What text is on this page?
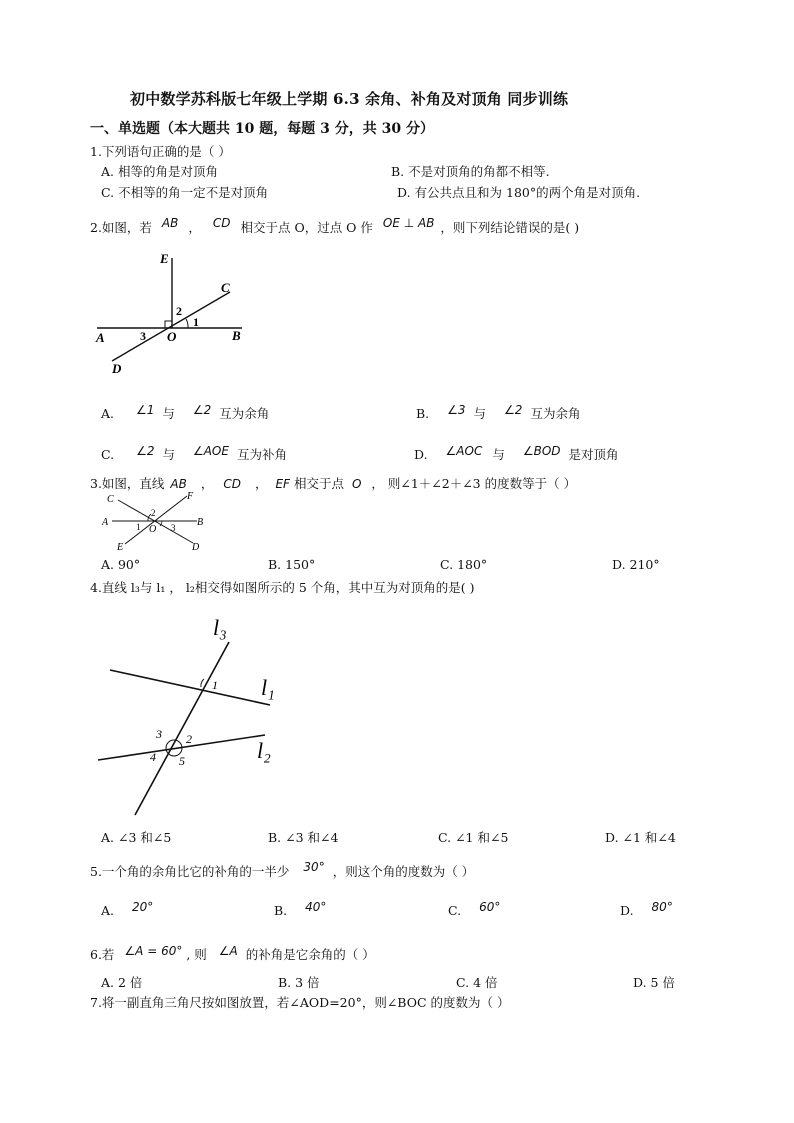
初中数学苏科版七年级上学期 6.3 余角、补角及对顶角 同步训练
一、单选题（本大题共 10 题，每题 3 分，共 30 分）
1.下列语句正确的是（ ）
A. 相等的角是对顶角	B. 不是对顶角的角都不相等.
C. 不相等的角一定不是对顶角	D. 有公共点且和为 180°的两个角是对顶角.
2.如图，若 AB ， CD 相交于点 O，过点 O 作 OE ⊥ AB ，则下列结论错误的是( )
E
C
A	B
O
D
1
2
3
A. ∠1 与 ∠2 互为余角	B. ∠3 与 ∠2 互为余角
C. ∠2 与 ∠AOE 互为补角	D. ∠AOC 与 ∠BOD 是对顶角
3.如图，直线 AB ， CD ， EF 相交于点 O ， 则∠1＋∠2＋∠3 的度数等于（ ）
C	F
A	B
E	D
O
1
2
3
A. 90°	B. 150°	C. 180°	D. 210°
4.直线 l₃与 l₁ ， l₂相交得如图所示的 5 个角，其中互为对顶角的是( )
l₃
l₁
l₂
1
2
3
4 5
A. ∠3 和∠5	B. ∠3 和∠4	C. ∠1 和∠5	D. ∠1 和∠4
5.一个角的余角比它的补角的一半少 30° ，则这个角的度数为（ ）
A. 20°	B. 40°	C. 60°	D. 80°
6.若 ∠A = 60° , 则 ∠A 的补角是它余角的（ ）
A. 2 倍	B. 3 倍	C. 4 倍	D. 5 倍
7.将一副直角三角尺按如图放置，若∠AOD=20°，则∠BOC 的度数为（ ）
